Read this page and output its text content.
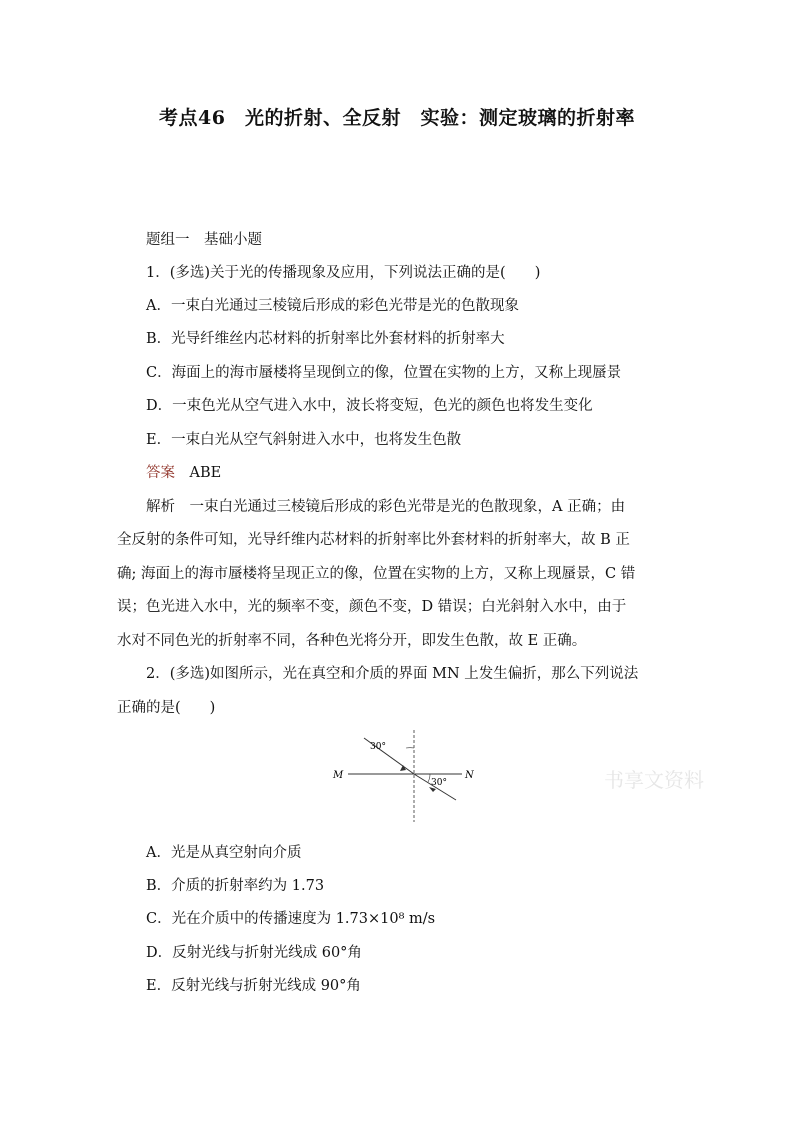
考点46　光的折射、全反射　实验：测定玻璃的折射率
题组一　基础小题
1．(多选)关于光的传播现象及应用，下列说法正确的是(　　)
A．一束白光通过三棱镜后形成的彩色光带是光的色散现象
B．光导纤维丝内芯材料的折射率比外套材料的折射率大
C．海面上的海市蜃楼将呈现倒立的像，位置在实物的上方，又称上现蜃景
D．一束色光从空气进入水中，波长将变短，色光的颜色也将发生变化
E．一束白光从空气斜射进入水中，也将发生色散
答案　 ABE
解析　一束白光通过三棱镜后形成的彩色光带是光的色散现象，A 正确；由
全反射的条件可知，光导纤维内芯材料的折射率比外套材料的折射率大，故 B 正
确; 海面上的海市蜃楼将呈现正立的像，位置在实物的上方，又称上现蜃景，C 错
误；色光进入水中，光的频率不变，颜色不变，D 错误；白光斜射入水中，由于
水对不同色光的折射率不同，各种色光将分开，即发生色散，故 E 正确。
2．(多选)如图所示，光在真空和介质的界面 MN 上发生偏折，那么下列说法
正确的是(　　)
30°
30°
M	N	书享文资料
A．光是从真空射向介质
B．介质的折射率约为 1.73
C．光在介质中的传播速度为 1.73×10⁸ m/s
D．反射光线与折射光线成 60°角
E．反射光线与折射光线成 90°角
